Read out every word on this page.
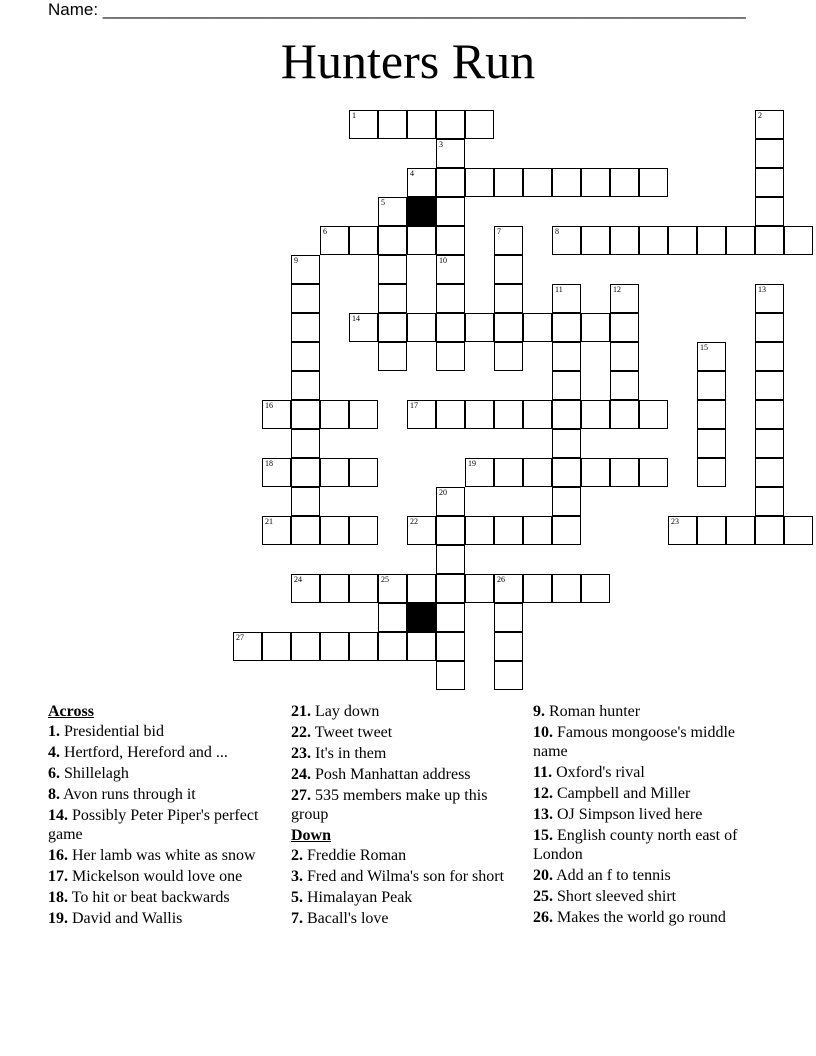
Name: ____________________________________________________________________
Hunters Run
1	2
3
4
5
6	7	8
9	10
11	12	13
14
15
16	17
18	19
20
21	22	23
24	25	26
27
Across
1. Presidential bid
4. Hertford, Hereford and ...
6. Shillelagh
8. Avon runs through it
14. Possibly Peter Piper's perfect game
16. Her lamb was white as snow
17. Mickelson would love one
18. To hit or beat backwards
19. David and Wallis
21. Lay down
22. Tweet tweet
23. It's in them
24. Posh Manhattan address
27. 535 members make up this group
Down
2. Freddie Roman
3. Fred and Wilma's son for short
5. Himalayan Peak
7. Bacall's love
9. Roman hunter
10. Famous mongoose's middle name
11. Oxford's rival
12. Campbell and Miller
13. OJ Simpson lived here
15. English county north east of London
20. Add an f to tennis
25. Short sleeved shirt
26. Makes the world go round
